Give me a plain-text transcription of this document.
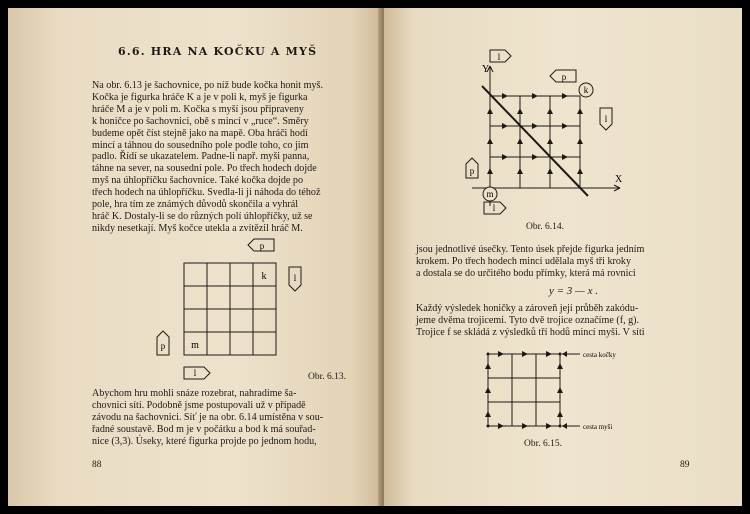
6.6. HRA NA KOČKU A MYŠ
Na obr. 6.13 je šachovnice, po níž bude kočka honit myš.
Kočka je figurka hráče K a je v poli k, myš je figurka
hráče M a je v poli m. Kočka s myší jsou připraveny
k honičce po šachovnici, obě s mincí v „ruce“. Směry
budeme opět číst stejně jako na mapě. Oba hráči hodí
mincí a táhnou do sousedního pole podle toho, co jim
padlo. Řídí se ukazatelem. Padne-li např. myši panna,
táhne na sever, na sousední pole. Po třech hodech dojde
myš na úhlopříčku šachovnice. Také kočka dojde po
třech hodech na úhlopříčku. Svedla-li ji náhoda do téhož
pole, hra tím ze známých důvodů skončila a vyhrál
hráč K. Dostaly-li se do různých polí úhlopříčky, už se
nikdy nesetkají. Myš kočce utekla a zvítězil hráč M.
p
l
p
l
k
m
Obr. 6.13.
Abychom hru mohli snáze rozebrat, nahradíme ša-
chovnici sítí. Podobně jsme postupovali už v případě
závodu na šachovnici. Síť je na obr. 6.14 umístěna v sou-
řadné soustavě. Bod m je v počátku a bod k má souřad-
nice (3,3). Úseky, které figurka projde po jednom hodu,
88
l
Y
X
p
k
l
p
m
l
Obr. 6.14.
jsou jednotlivé úsečky. Tento úsek přejde figurka jedním
krokem. Po třech hodech mincí udělala myš tři kroky
a dostala se do určitého bodu přímky, která má rovnici
y = 3 — x .
Každý výsledek honičky a zároveň její průběh zakódu-
jeme dvěma trojicemi. Tyto dvě trojice označíme (f, g).
Trojice f se skládá z výsledků tří hodů mincí myši. V síti
cesta kočky
cesta myši
Obr. 6.15.
89
